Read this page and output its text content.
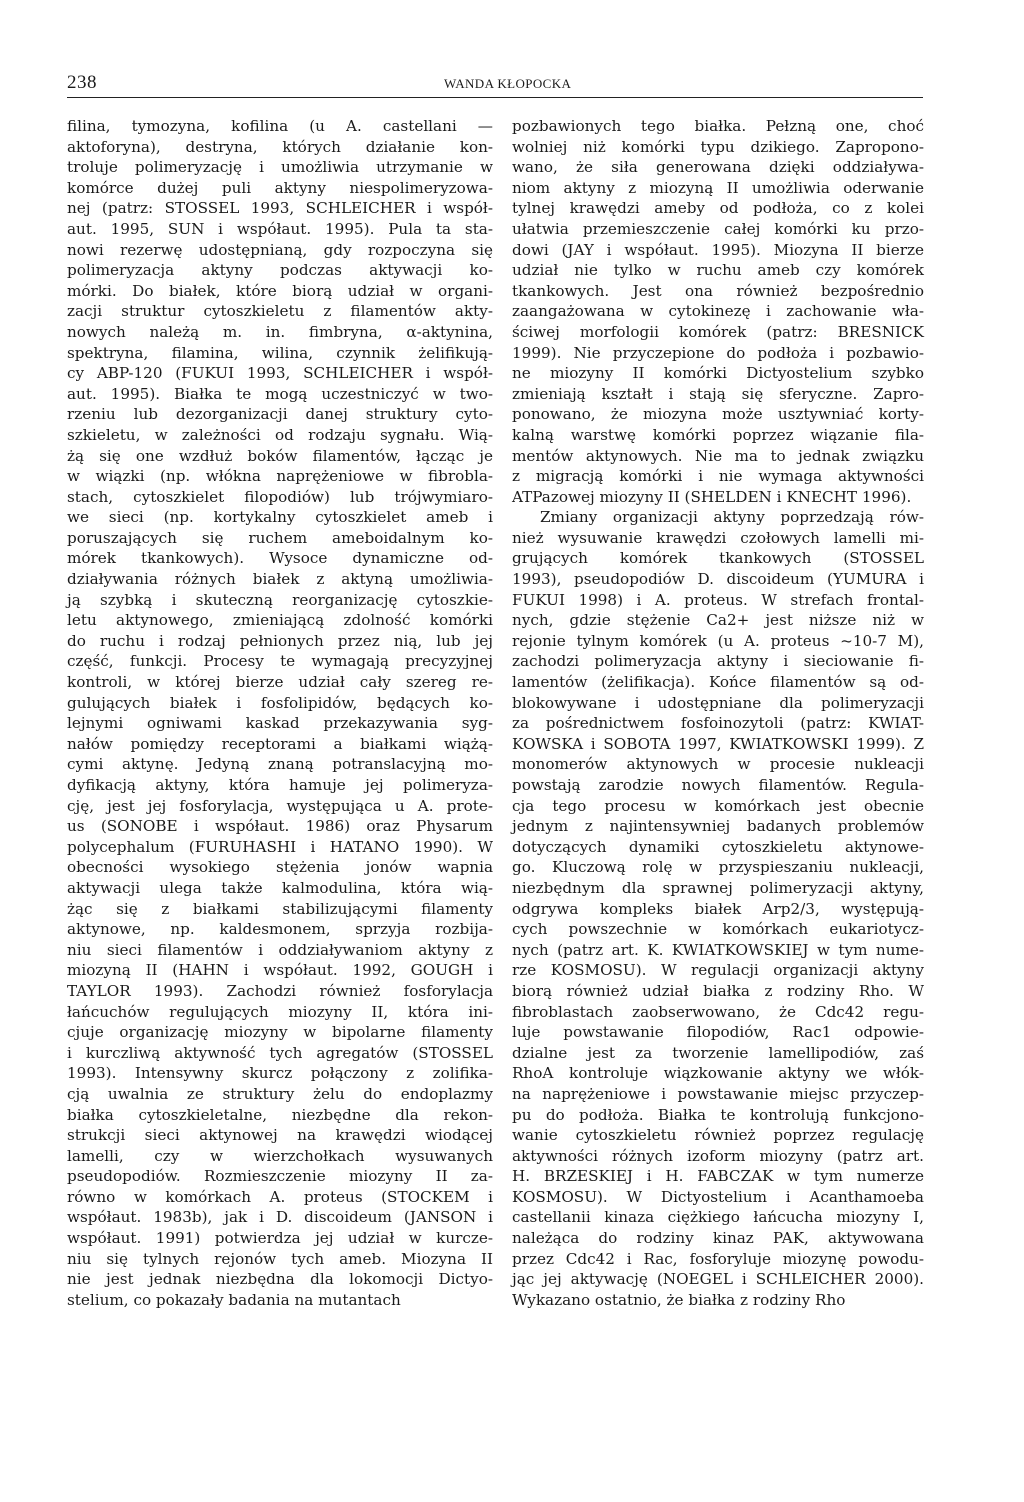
238	WANDA KŁOPOCKA
filina, tymozyna, kofilina (u A. castellani —
aktoforyna), destryna, których działanie kon-
troluje polimeryzację i umożliwia utrzymanie w
komórce dużej puli aktyny niespolimeryzowa-
nej (patrz: STOSSEL 1993, SCHLEICHER i współ-
aut. 1995, SUN i współaut. 1995). Pula ta sta-
nowi rezerwę udostępnianą, gdy rozpoczyna się
polimeryzacja aktyny podczas aktywacji ko-
mórki. Do białek, które biorą udział w organi-
zacji struktur cytoszkieletu z filamentów akty-
nowych należą m. in. fimbryna, α-aktynina,
spektryna, filamina, wilina, czynnik żelifikują-
cy ABP-120 (FUKUI 1993, SCHLEICHER i współ-
aut. 1995). Białka te mogą uczestniczyć w two-
rzeniu lub dezorganizacji danej struktury cyto-
szkieletu, w zależności od rodzaju sygnału. Wią-
żą się one wzdłuż boków filamentów, łącząc je
w wiązki (np. włókna naprężeniowe w fibrobla-
stach, cytoszkielet filopodiów) lub trójwymiaro-
we sieci (np. kortykalny cytoszkielet ameb i
poruszających się ruchem ameboidalnym ko-
mórek tkankowych). Wysoce dynamiczne od-
działywania różnych białek z aktyną umożliwia-
ją szybką i skuteczną reorganizację cytoszkie-
letu aktynowego, zmieniającą zdolność komórki
do ruchu i rodzaj pełnionych przez nią, lub jej
część, funkcji. Procesy te wymagają precyzyjnej
kontroli, w której bierze udział cały szereg re-
gulujących białek i fosfolipidów, będących ko-
lejnymi ogniwami kaskad przekazywania syg-
nałów pomiędzy receptorami a białkami wiążą-
cymi aktynę. Jedyną znaną potranslacyjną mo-
dyfikacją aktyny, która hamuje jej polimeryza-
cję, jest jej fosforylacja, występująca u A. prote-
us (SONOBE i współaut. 1986) oraz Physarum
polycephalum (FURUHASHI i HATANO 1990). W
obecności wysokiego stężenia jonów wapnia
aktywacji ulega także kalmodulina, która wią-
żąc się z białkami stabilizującymi filamenty
aktynowe, np. kaldesmonem, sprzyja rozbija-
niu sieci filamentów i oddziaływaniom aktyny z
miozyną II (HAHN i współaut. 1992, GOUGH i
TAYLOR 1993). Zachodzi również fosforylacja
łańcuchów regulujących miozyny II, która ini-
cjuje organizację miozyny w bipolarne filamenty
i kurczliwą aktywność tych agregatów (STOSSEL
1993). Intensywny skurcz połączony z zolifika-
cją uwalnia ze struktury żelu do endoplazmy
białka cytoszkieletalne, niezbędne dla rekon-
strukcji sieci aktynowej na krawędzi wiodącej
lamelli, czy w wierzchołkach wysuwanych
pseudopodiów. Rozmieszczenie miozyny II za-
równo w komórkach A. proteus (STOCKEM i
współaut. 1983b), jak i D. discoideum (JANSON i
współaut. 1991) potwierdza jej udział w kurcze-
niu się tylnych rejonów tych ameb. Miozyna II
nie jest jednak niezbędna dla lokomocji Dictyo-
stelium, co pokazały badania na mutantach
pozbawionych tego białka. Pełzną one, choć
wolniej niż komórki typu dzikiego. Zapropono-
wano, że siła generowana dzięki oddziaływa-
niom aktyny z miozyną II umożliwia oderwanie
tylnej krawędzi ameby od podłoża, co z kolei
ułatwia przemieszczenie całej komórki ku przo-
dowi (JAY i współaut. 1995). Miozyna II bierze
udział nie tylko w ruchu ameb czy komórek
tkankowych. Jest ona również bezpośrednio
zaangażowana w cytokinezę i zachowanie wła-
ściwej morfologii komórek (patrz: BRESNICK
1999). Nie przyczepione do podłoża i pozbawio-
ne miozyny II komórki Dictyostelium szybko
zmieniają kształt i stają się sferyczne. Zapro-
ponowano, że miozyna może usztywniać korty-
kalną warstwę komórki poprzez wiązanie fila-
mentów aktynowych. Nie ma to jednak związku
z migracją komórki i nie wymaga aktywności
ATPazowej miozyny II (SHELDEN i KNECHT 1996).
Zmiany organizacji aktyny poprzedzają rów-
nież wysuwanie krawędzi czołowych lamelli mi-
grujących komórek tkankowych (STOSSEL
1993), pseudopodiów D. discoideum (YUMURA i
FUKUI 1998) i A. proteus. W strefach frontal-
nych, gdzie stężenie Ca2+ jest niższe niż w
rejonie tylnym komórek (u A. proteus ~10-7 M),
zachodzi polimeryzacja aktyny i sieciowanie fi-
lamentów (żelifikacja). Końce filamentów są od-
blokowywane i udostępniane dla polimeryzacji
za pośrednictwem fosfoinozytoli (patrz: KWIAT-
KOWSKA i SOBOTA 1997, KWIATKOWSKI 1999). Z
monomerów aktynowych w procesie nukleacji
powstają zarodzie nowych filamentów. Regula-
cja tego procesu w komórkach jest obecnie
jednym z najintensywniej badanych problemów
dotyczących dynamiki cytoszkieletu aktynowe-
go. Kluczową rolę w przyspieszaniu nukleacji,
niezbędnym dla sprawnej polimeryzacji aktyny,
odgrywa kompleks białek Arp2/3, występują-
cych powszechnie w komórkach eukariotycz-
nych (patrz art. K. KWIATKOWSKIEJ w tym nume-
rze KOSMOSU). W regulacji organizacji aktyny
biorą również udział białka z rodziny Rho. W
fibroblastach zaobserwowano, że Cdc42 regu-
luje powstawanie filopodiów, Rac1 odpowie-
dzialne jest za tworzenie lamellipodiów, zaś
RhoA kontroluje wiązkowanie aktyny we włók-
na naprężeniowe i powstawanie miejsc przyczep-
pu do podłoża. Białka te kontrolują funkcjono-
wanie cytoszkieletu również poprzez regulację
aktywności różnych izoform miozyny (patrz art.
H. BRZESKIEJ i H. FABCZAK w tym numerze
KOSMOSU). W Dictyostelium i Acanthamoeba
castellanii kinaza ciężkiego łańcucha miozyny I,
należąca do rodziny kinaz PAK, aktywowana
przez Cdc42 i Rac, fosforyluje miozynę powodu-
jąc jej aktywację (NOEGEL i SCHLEICHER 2000).
Wykazano ostatnio, że białka z rodziny Rho
